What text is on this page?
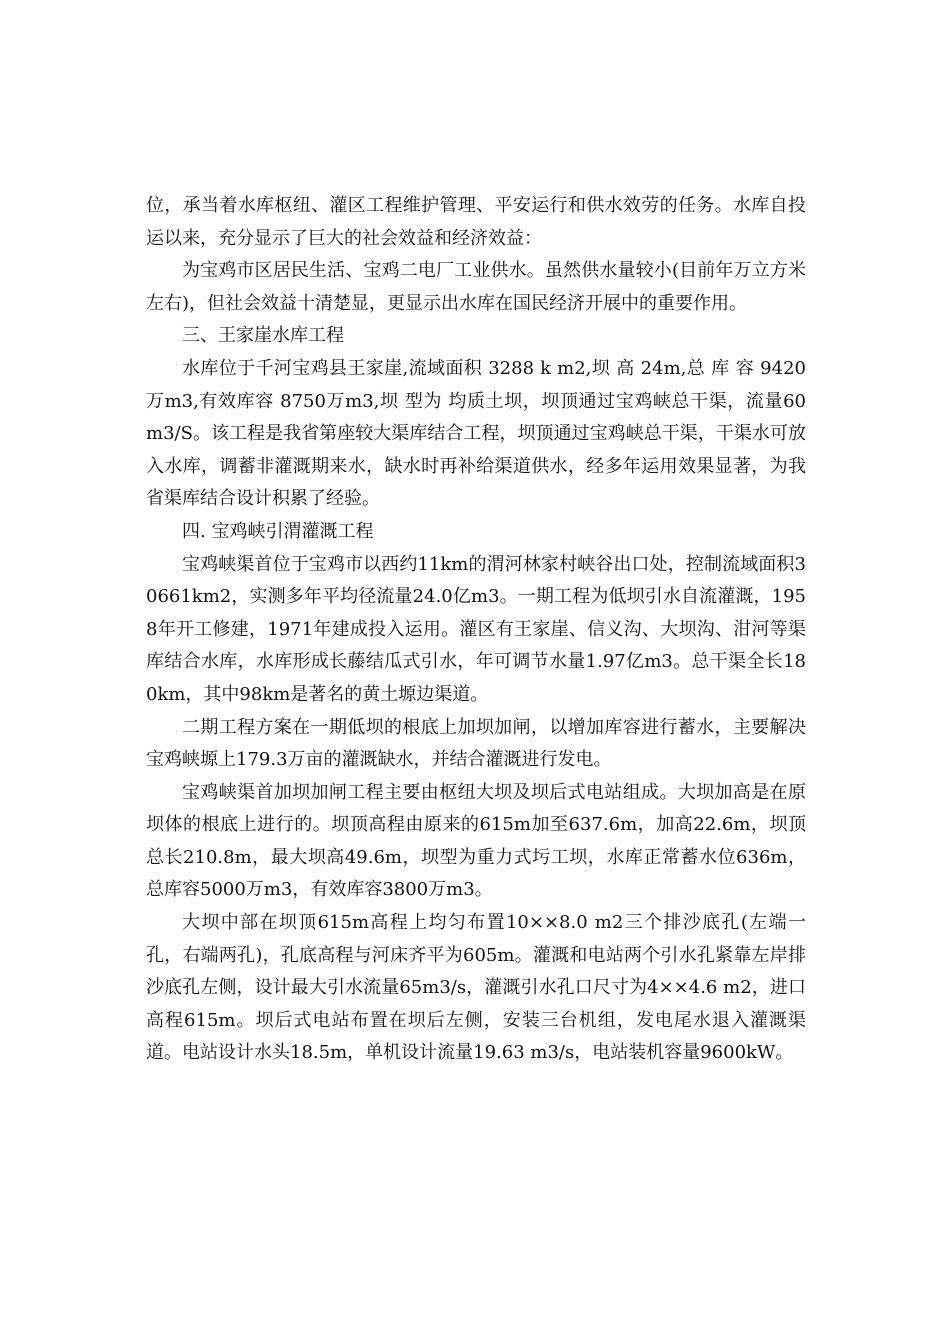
位，承当着水库枢纽、灌区工程维护管理、平安运行和供水效劳的任务。水库自投运以来，充分显示了巨大的社会效益和经济效益：

为宝鸡市区居民生活、宝鸡二电厂工业供水。虽然供水量较小(目前年万立方米左右)，但社会效益十清楚显，更显示出水库在国民经济开展中的重要作用。

三、王家崖水库工程

水库位于千河宝鸡县王家崖,流域面积 3288 k m2,坝 高 24m,总 库 容 9420万m3,有效库容 8750万m3,坝 型为 均质土坝，坝顶通过宝鸡峡总干渠，流量60 m3/S。该工程是我省第座较大渠库结合工程，坝顶通过宝鸡峡总干渠，干渠水可放入水库，调蓄非灌溉期来水，缺水时再补给渠道供水，经多年运用效果显著，为我省渠库结合设计积累了经验。

四. 宝鸡峡引渭灌溉工程

宝鸡峡渠首位于宝鸡市以西约11km的渭河林家村峡谷出口处，控制流域面积30661km2，实测多年平均径流量24.0亿m3。一期工程为低坝引水自流灌溉，1958年开工修建，1971年建成投入运用。灌区有王家崖、信义沟、大坝沟、泔河等渠库结合水库，水库形成长藤结瓜式引水，年可调节水量1.97亿m3。总干渠全长180km，其中98km是著名的黄土塬边渠道。

二期工程方案在一期低坝的根底上加坝加闸，以增加库容进行蓄水，主要解决宝鸡峡塬上179.3万亩的灌溉缺水，并结合灌溉进行发电。

宝鸡峡渠首加坝加闸工程主要由枢纽大坝及坝后式电站组成。大坝加高是在原坝体的根底上进行的。坝顶高程由原来的615m加至637.6m，加高22.6m，坝顶总长210.8m，最大坝高49.6m，坝型为重力式圬工坝，水库正常蓄水位636m，总库容5000万m3，有效库容3800万m3。

大坝中部在坝顶615m高程上均匀布置10××8.0 m2三个排沙底孔(左端一孔，右端两孔)，孔底高程与河床齐平为605m。灌溉和电站两个引水孔紧靠左岸排沙底孔左侧，设计最大引水流量65m3/s，灌溉引水孔口尺寸为4××4.6 m2，进口高程615m。坝后式电站布置在坝后左侧，安装三台机组，发电尾水退入灌溉渠道。电站设计水头18.5m，单机设计流量19.63 m3/s，电站装机容量9600kW。
